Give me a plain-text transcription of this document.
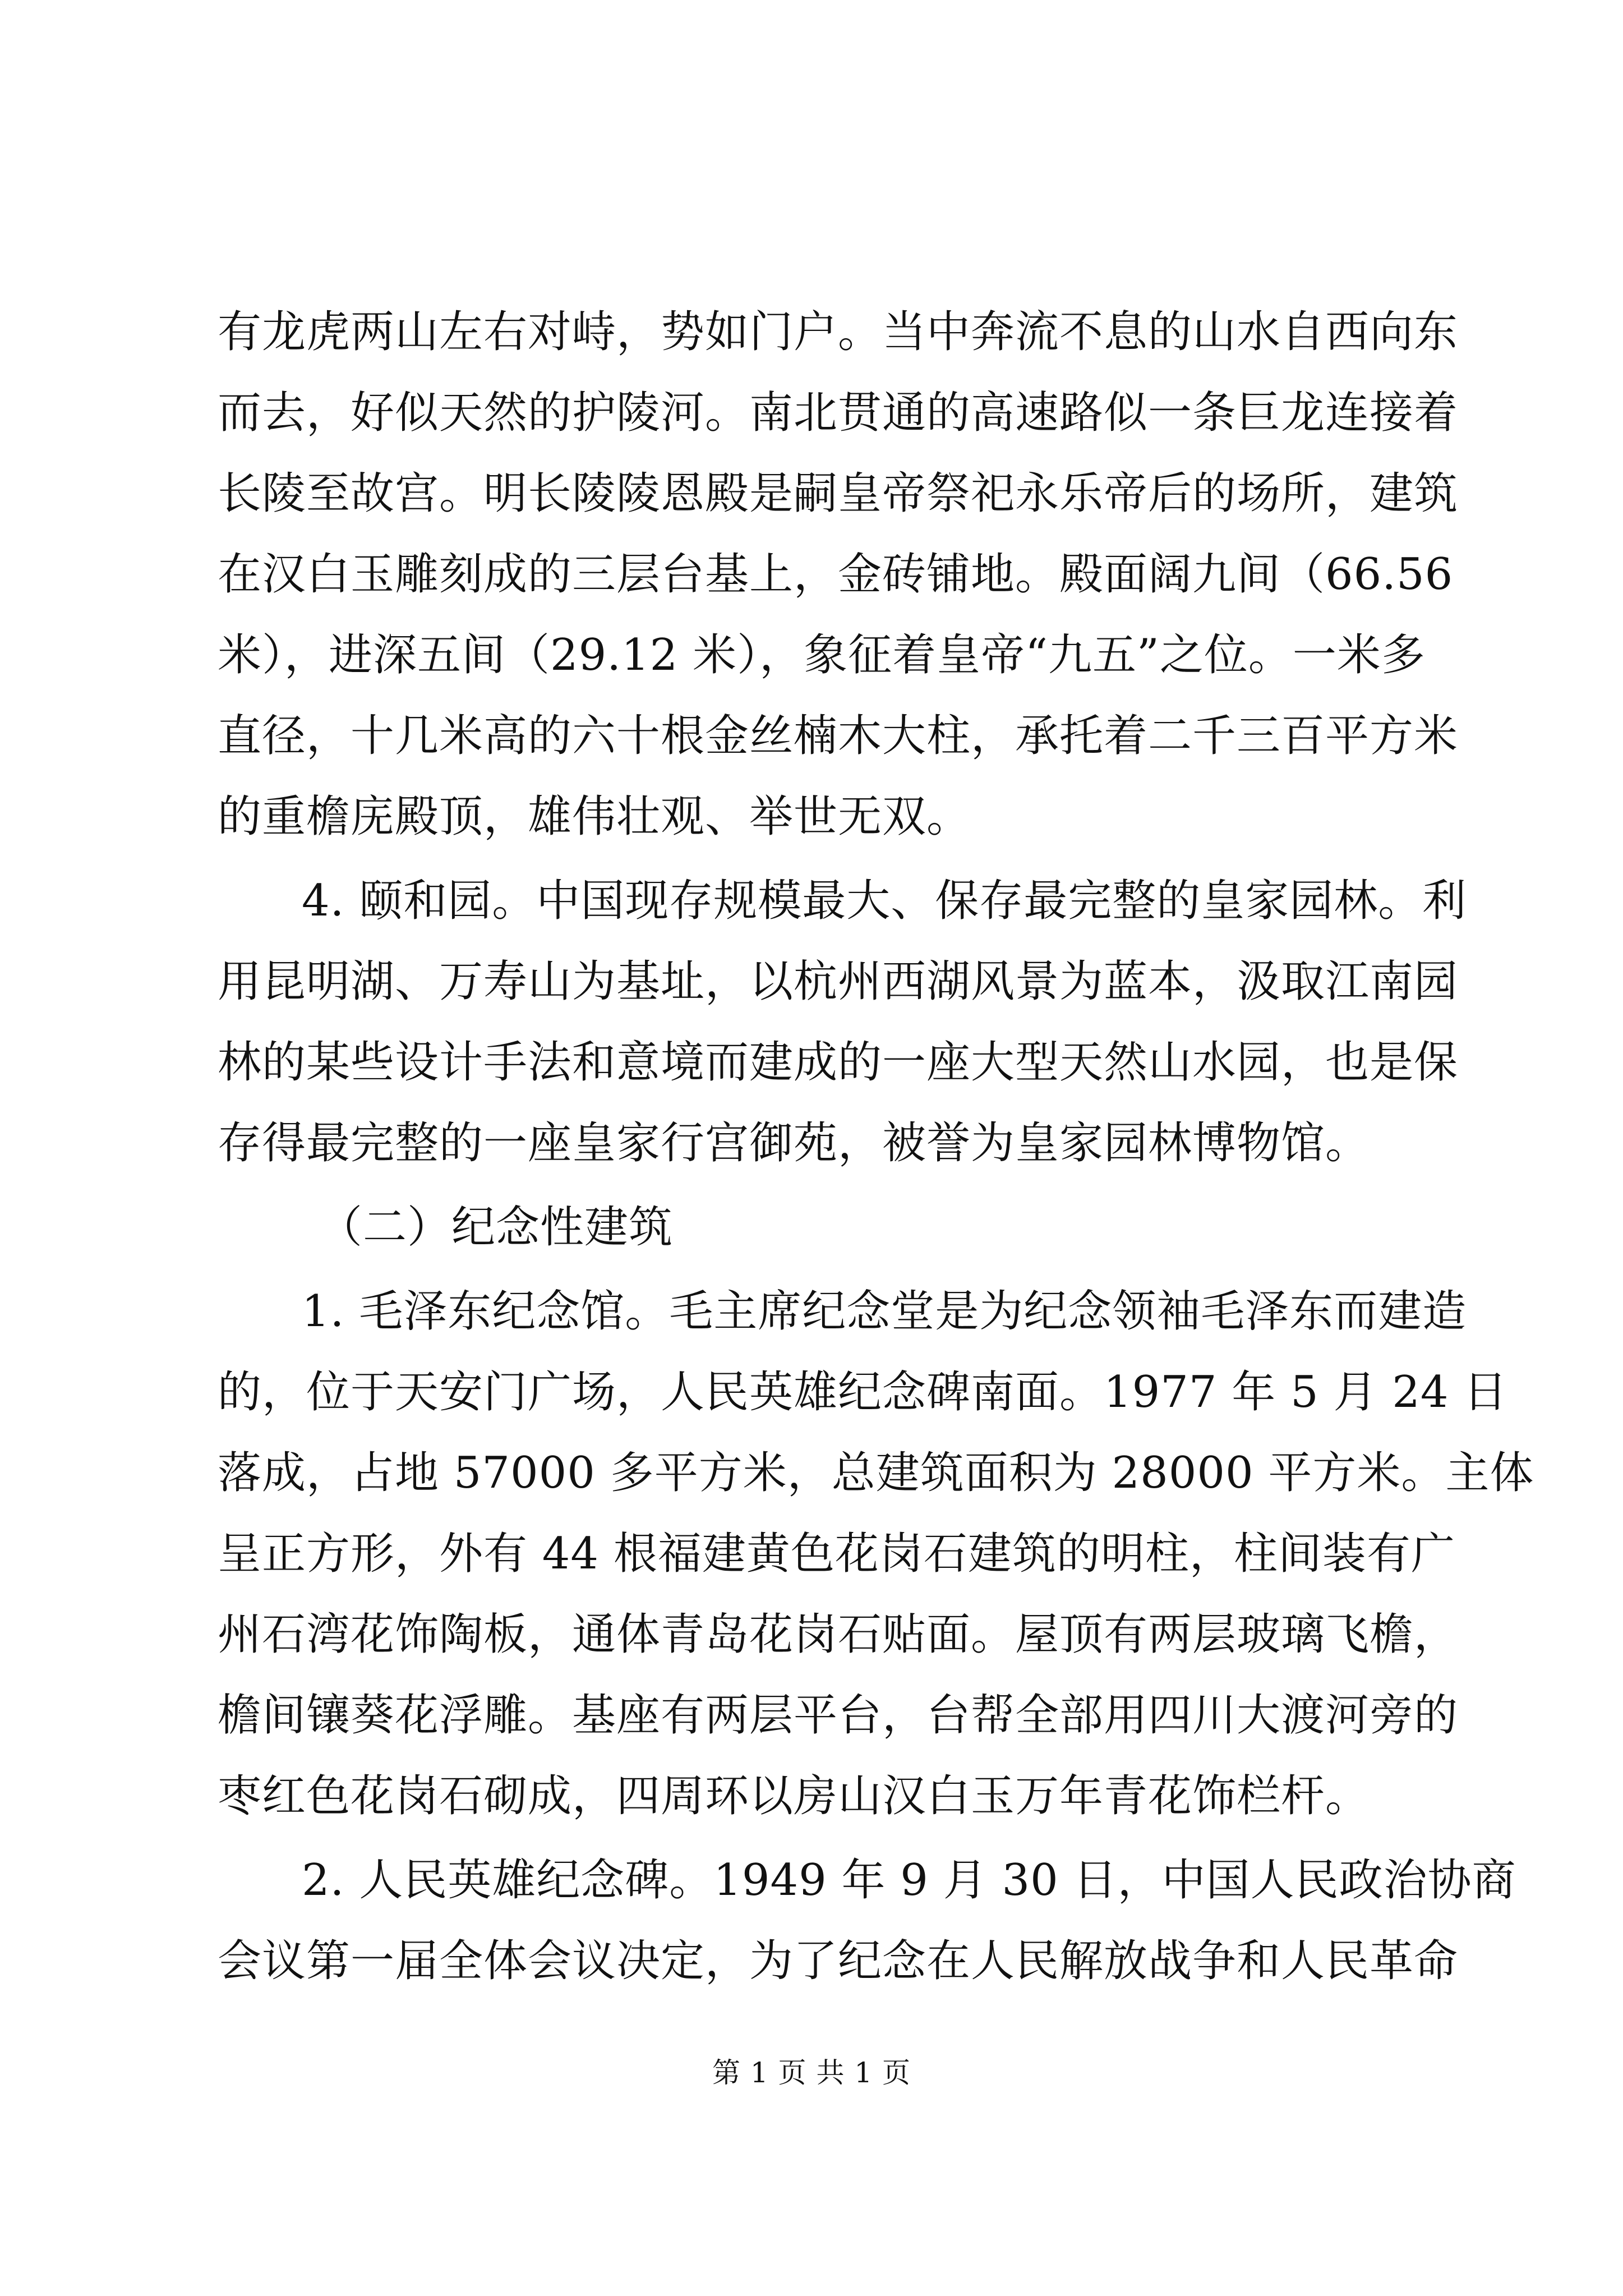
有龙虎两山左右对峙，势如门户。当中奔流不息的山水自西向东
而去，好似天然的护陵河。南北贯通的高速路似一条巨龙连接着
长陵至故宫。明长陵陵恩殿是嗣皇帝祭祀永乐帝后的场所，建筑
在汉白玉雕刻成的三层台基上，金砖铺地。殿面阔九间（66.56
米），进深五间（29.12 米），象征着皇帝“九五”之位。一米多
直径，十几米高的六十根金丝楠木大柱，承托着二千三百平方米
的重檐庑殿顶，雄伟壮观、举世无双。
4. 颐和园。中国现存规模最大、保存最完整的皇家园林。利
用昆明湖、万寿山为基址，以杭州西湖风景为蓝本，汲取江南园
林的某些设计手法和意境而建成的一座大型天然山水园，也是保
存得最完整的一座皇家行宫御苑，被誉为皇家园林博物馆。
（二）纪念性建筑
1. 毛泽东纪念馆。毛主席纪念堂是为纪念领袖毛泽东而建造
的，位于天安门广场，人民英雄纪念碑南面。1977 年 5 月 24 日
落成，占地 57000 多平方米，总建筑面积为 28000 平方米。主体
呈正方形，外有 44 根福建黄色花岗石建筑的明柱，柱间装有广
州石湾花饰陶板，通体青岛花岗石贴面。屋顶有两层玻璃飞檐，
檐间镶葵花浮雕。基座有两层平台，台帮全部用四川大渡河旁的
枣红色花岗石砌成，四周环以房山汉白玉万年青花饰栏杆。
2. 人民英雄纪念碑。1949 年 9 月 30 日，中国人民政治协商
会议第一届全体会议决定，为了纪念在人民解放战争和人民革命
第 1 页 共 1 页
